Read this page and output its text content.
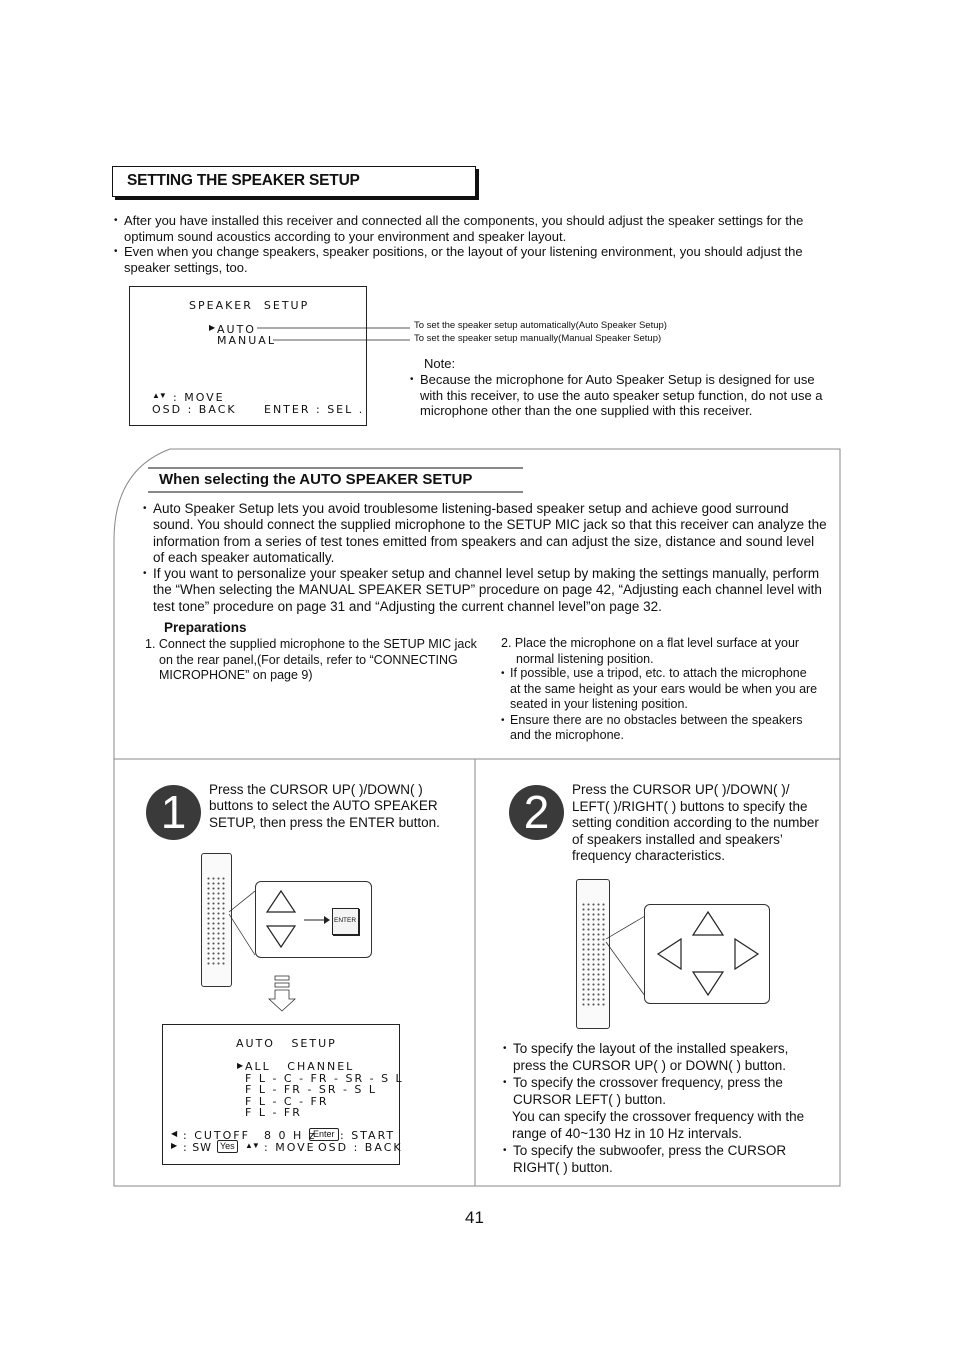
SETTING THE SPEAKER SETUP
• After you have installed this receiver and connected all the components, you should adjust the speaker settings for the optimum sound acoustics according to your environment and speaker layout.
• Even when you change speakers, speaker positions, or the layout of your listening environment, you should adjust the speaker settings, too.
SPEAKER  SETUP
▶ AUTO
MANUAL
▲▼ : MOVE
OSD : BACK ENTER : SEL .
To set the speaker setup automatically(Auto Speaker Setup)
To set the speaker setup manually(Manual Speaker Setup)
Note:
• Because the microphone for Auto Speaker Setup is designed for use with this receiver, to use the auto speaker setup function, do not use a microphone other than the one supplied with this receiver.
When selecting the AUTO SPEAKER SETUP
• Auto Speaker Setup lets you avoid troublesome listening-based speaker setup and achieve good surround sound. You should connect the supplied microphone to the SETUP MIC jack so that this receiver can analyze the information from a series of test tones emitted from speakers and can adjust the size, distance and sound level of each speaker automatically.
• If you want to personalize your speaker setup and channel level setup by making the settings manually, perform the “When selecting the MANUAL SPEAKER SETUP” procedure on page 42, “Adjusting each channel level with test tone” procedure on page 31 and “Adjusting the current channel level”on page 32.
Preparations
1. Connect the supplied microphone to the SETUP MIC jack on the rear panel,(For details, refer to “CONNECTING MICROPHONE” on page 9)
2. Place the microphone on a flat level surface at your normal listening position.
• If possible, use a tripod, etc. to attach the microphone at the same height as your ears would be when you are seated in your listening position.
• Ensure there are no obstacles between the speakers and the microphone.
1	Press the CURSOR UP( )/DOWN( ) buttons to select the AUTO SPEAKER SETUP, then press the ENTER button.
ENTER
AUTO   SETUP
▶ ALL   CHANNEL
F L - C - FR - SR - S L
F L - FR - SR - S L
F L - C - FR
F L - FR
◀ : CUTOFF 8 0 H z
Enter : START
▶ : SW Yes	▲▼ : MOVE OSD : BACK
2	Press the CURSOR UP( )/DOWN( )/ LEFT( )/RIGHT( ) buttons to specify the setting condition according to the number of speakers installed and speakers’ frequency characteristics.
• To specify the layout of the installed speakers, press the CURSOR UP( ) or DOWN( ) button.
• To specify the crossover frequency, press the CURSOR LEFT( ) button.
You can specify the crossover frequency with the range of 40~130 Hz in 10 Hz intervals.
• To specify the subwoofer, press the CURSOR RIGHT( ) button.
41
